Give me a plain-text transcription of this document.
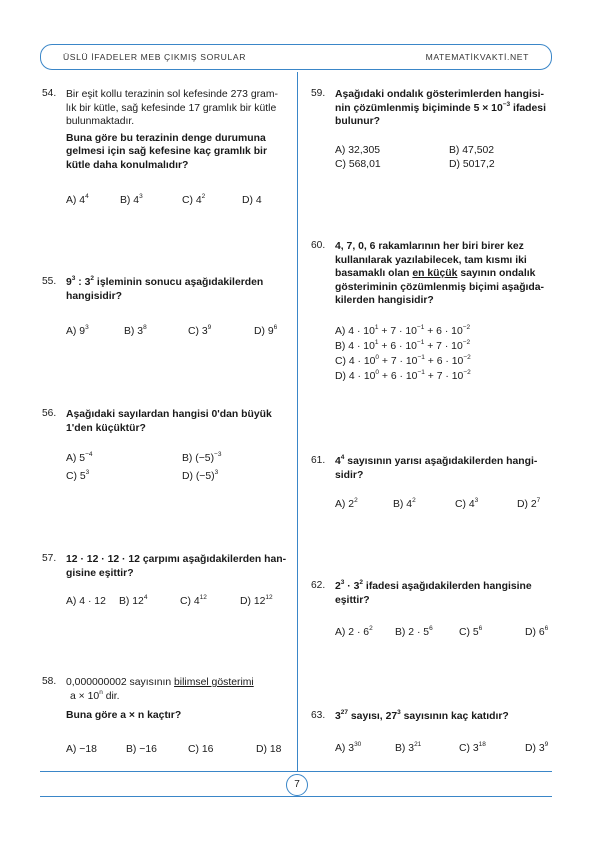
ÜSLÜ İFADELER MEB ÇIKMIŞ SORULAR	MATEMATİKVAKTİ.NET
7
54. Bir eşit kollu terazinin sol kefesinde 273 gram-
lık bir kütle, sağ kefesinde 17 gramlık bir kütle
bulunmaktadır.
Buna göre bu terazinin denge durumuna
gelmesi için sağ kefesine kaç gramlık bir
kütle daha konulmalıdır?
A) $4^4$	B) $4^3$	C) $4^2$	D) 4
55. $9^3$ : $3^2$ işleminin sonucu aşağıdakilerden
hangisidir?
A) $9^3$	B) $3^8$	C) $3^9$	D) $9^6$
56. Aşağıdaki sayılardan hangisi 0'dan büyük
1'den küçüktür?
A) $5^{-4}$	B) $(-5)^{-3}$
C) $5^3$	D) $(-5)^3$
57. 12 · 12 · 12 · 12 çarpımı aşağıdakilerden han-
gisine eşittir?
A) 4 · 12 B) $12^4$	C) $4^{12}$	D) $12^{12}$
58. 0,000000002 sayısının bilimsel gösterimi
$a \times 10^n$ dir.
Buna göre a × n kaçtır?
A) −18	B) −16	C) 16	D) 18
59. Aşağıdaki ondalık gösterimlerden hangisi-
nin çözümlenmiş biçiminde $5 \times 10^{-3}$ ifadesi
bulunur?
A) 32,305	B) 47,502
C) 568,01	D) 5017,2
60. 4, 7, 0, 6 rakamlarının her biri birer kez
kullanılarak yazılabilecek, tam kısmı iki
basamaklı olan en küçük sayının ondalık
gösteriminin çözümlenmiş biçimi aşağıda-
kilerden hangisidir?
A) $4 \cdot 10^1 + 7 \cdot 10^{-1} + 6 \cdot 10^{-2}$
B) $4 \cdot 10^1 + 6 \cdot 10^{-1} + 7 \cdot 10^{-2}$
C) $4 \cdot 10^0 + 7 \cdot 10^{-1} + 6 \cdot 10^{-2}$
D) $4 \cdot 10^0 + 6 \cdot 10^{-1} + 7 \cdot 10^{-2}$
61. $4^4$ sayısının yarısı aşağıdakilerden hangi-
sidir?
A) $2^2$	B) $4^2$	C) $4^3$	D) $2^7$
62. $2^3 \cdot 3^2$ ifadesi aşağıdakilerden hangisine
eşittir?
A) $2 \cdot 6^2$ B) $2 \cdot 5^6$	C) $5^6$	D) $6^6$
63. $3^{27}$ sayısı, $27^3$ sayısının kaç katıdır?
A) $3^{30}$	B) $3^{21}$	C) $3^{18}$	D) $3^9$
